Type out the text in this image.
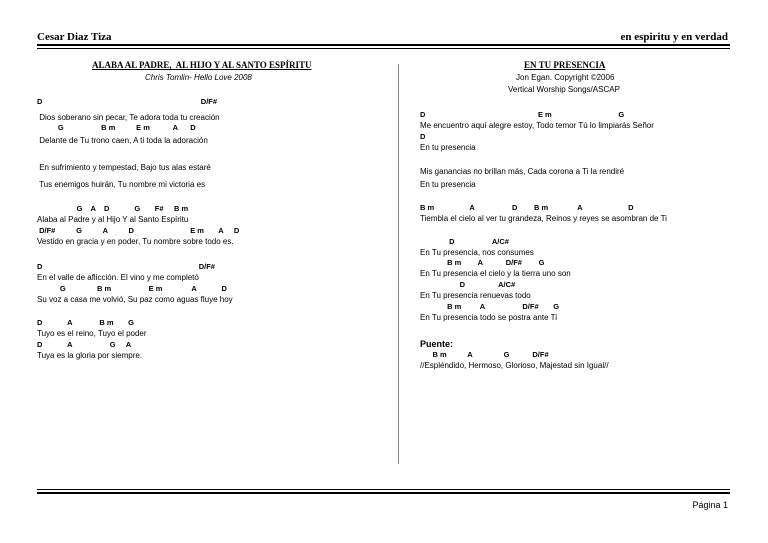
Cesar Diaz Tiza	en espiritu y en verdad
ALABA AL PADRE,  AL HIJO Y AL SANTO ESPÍRITU
Chris Tomlin- Hello Love 2008
D                                                                            D/F#
Dios soberano sin pecar, Te adora toda tu creación
G                  B m          E m           A      D
Delante de Tu trono caen, A ti toda la adoración
En sufrimiento y tempestad, Bajo tus alas estaré
Tus enemigos huirán, Tu nombre mi victoria es
G    A    D            G       F#     B m
Alaba al Padre y al Hijo Y al Santo Espíritu
D/F#          G          A          D                           E m       A     D
Vestido en gracia y en poder, Tu nombre sobre todo es.
D                                                                           D/F#
En el valle de aflicción. El vino y me completó
G               B m                  E m              A            D
Su voz a casa me volvió, Su paz como aguas fluye hoy
D            A             B m       G
Tuyo es el reino, Tuyo el poder
D            A                  G     A
Tuya es la gloria por siempre.
EN TU PRESENCIA
Jon Egan. Copyright ©2006
Vertical Worship Songs/ASCAP
D                                                      E m                                G
Me encuentro aquí alegre estoy, Todo temor Tú lo limpiarás Señor
D
En tu presencia
Mis ganancias no brillan más, Cada corona a Ti la rendiré
En tu presencia
B m                 A                  D        B m              A                      D
Tiembla el cielo al ver tu grandeza, Reinos y reyes se asombran de Ti
D                  A/C#
En Tu presencia, nos consumes
B m        A           D/F#        G
En Tu presencia el cielo y la tierra uno son
D                A/C#
En Tu presencia renuevas todo
B m         A                  D/F#       G
En Tu presencia todo se postra ante Ti
Puente:
B m          A               G           D/F#
//Espléndido, Hermoso, Glorioso, Majestad sin Igual//
Página 1
